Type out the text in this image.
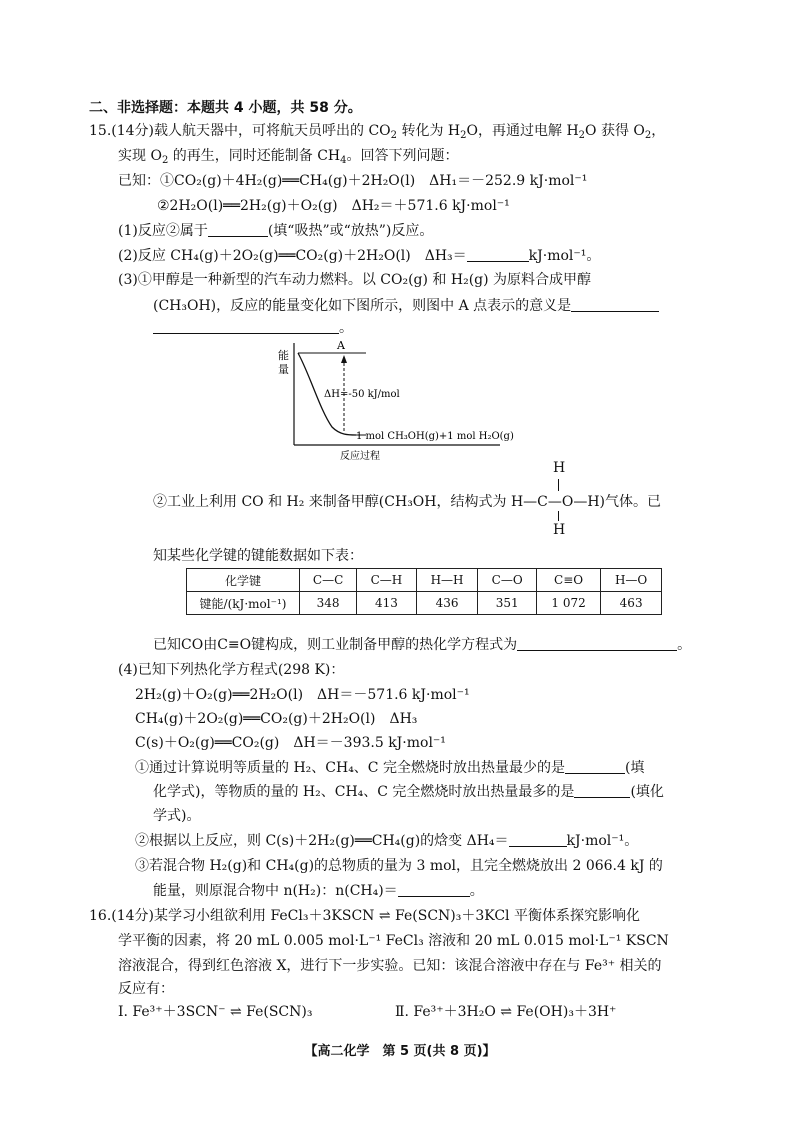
二、非选择题：本题共 4 小题，共 58 分。
15.(14分)载人航天器中，可将航天员呼出的 $CO_2$ 转化为 $H_2O$，再通过电解 $H_2O$ 获得 $O_2$，
实现 $O_2$ 的再生，同时还能制备 $CH_4$。回答下列问题：
已知：①CO₂(g)＋4H₂(g)══CH₄(g)＋2H₂O(l)　ΔH₁＝－252.9 kJ·mol⁻¹
②2H₂O(l)══2H₂(g)＋O₂(g)　ΔH₂＝＋571.6 kJ·mol⁻¹
(1)反应②属于	(填“吸热”或“放热”)反应。
(2)反应 CH₄(g)＋2O₂(g)══CO₂(g)＋2H₂O(l)　ΔH₃＝	kJ·mol⁻¹。
(3)①甲醇是一种新型的汽车动力燃料。以 CO₂(g) 和 H₂(g) 为原料合成甲醇
(CH₃OH)，反应的能量变化如下图所示，则图中 A 点表示的意义是
。
能
量
A
ΔH=-50 kJ/mol
1 mol CH₃OH(g)+1 mol H₂O(g)
反应过程
H
②工业上利用 CO 和 H₂ 来制备甲醇(CH₃OH，结构式为 H—C—O—H)气体。已
H
知某些化学键的键能数据如下表：
化学键	C—C	C—H	H—H	C—O	C≡O	H—O
键能/(kJ·mol⁻¹)	348	413	436	351	1 072	463
已知CO由C≡O键构成，则工业制备甲醇的热化学方程式为	。
(4)已知下列热化学方程式(298 K)：
2H₂(g)＋O₂(g)══2H₂O(l)　ΔH＝－571.6 kJ·mol⁻¹
CH₄(g)＋2O₂(g)══CO₂(g)＋2H₂O(l)　ΔH₃
C(s)＋O₂(g)══CO₂(g)　ΔH＝－393.5 kJ·mol⁻¹
①通过计算说明等质量的 H₂、CH₄、C 完全燃烧时放出热量最少的是	(填
化学式)，等物质的量的 H₂、CH₄、C 完全燃烧时放出热量最多的是	(填化
学式)。
②根据以上反应，则 C(s)＋2H₂(g)══CH₄(g)的焓变 ΔH₄＝	kJ·mol⁻¹。
③若混合物 H₂(g)和 CH₄(g)的总物质的量为 3 mol，且完全燃烧放出 2 066.4 kJ 的
能量，则原混合物中 n(H₂)：n(CH₄)＝	。
16.(14分)某学习小组欲利用 FeCl₃＋3KSCN ⇌ Fe(SCN)₃＋3KCl 平衡体系探究影响化
学平衡的因素，将 20 mL 0.005 mol·L⁻¹ FeCl₃ 溶液和 20 mL 0.015 mol·L⁻¹ KSCN
溶液混合，得到红色溶液 X，进行下一步实验。已知：该混合溶液中存在与 Fe³⁺ 相关的
反应有：
Ⅰ. Fe³⁺＋3SCN⁻ ⇌ Fe(SCN)₃	Ⅱ. Fe³⁺＋3H₂O ⇌ Fe(OH)₃＋3H⁺
【高二化学　第 5 页(共 8 页)】
